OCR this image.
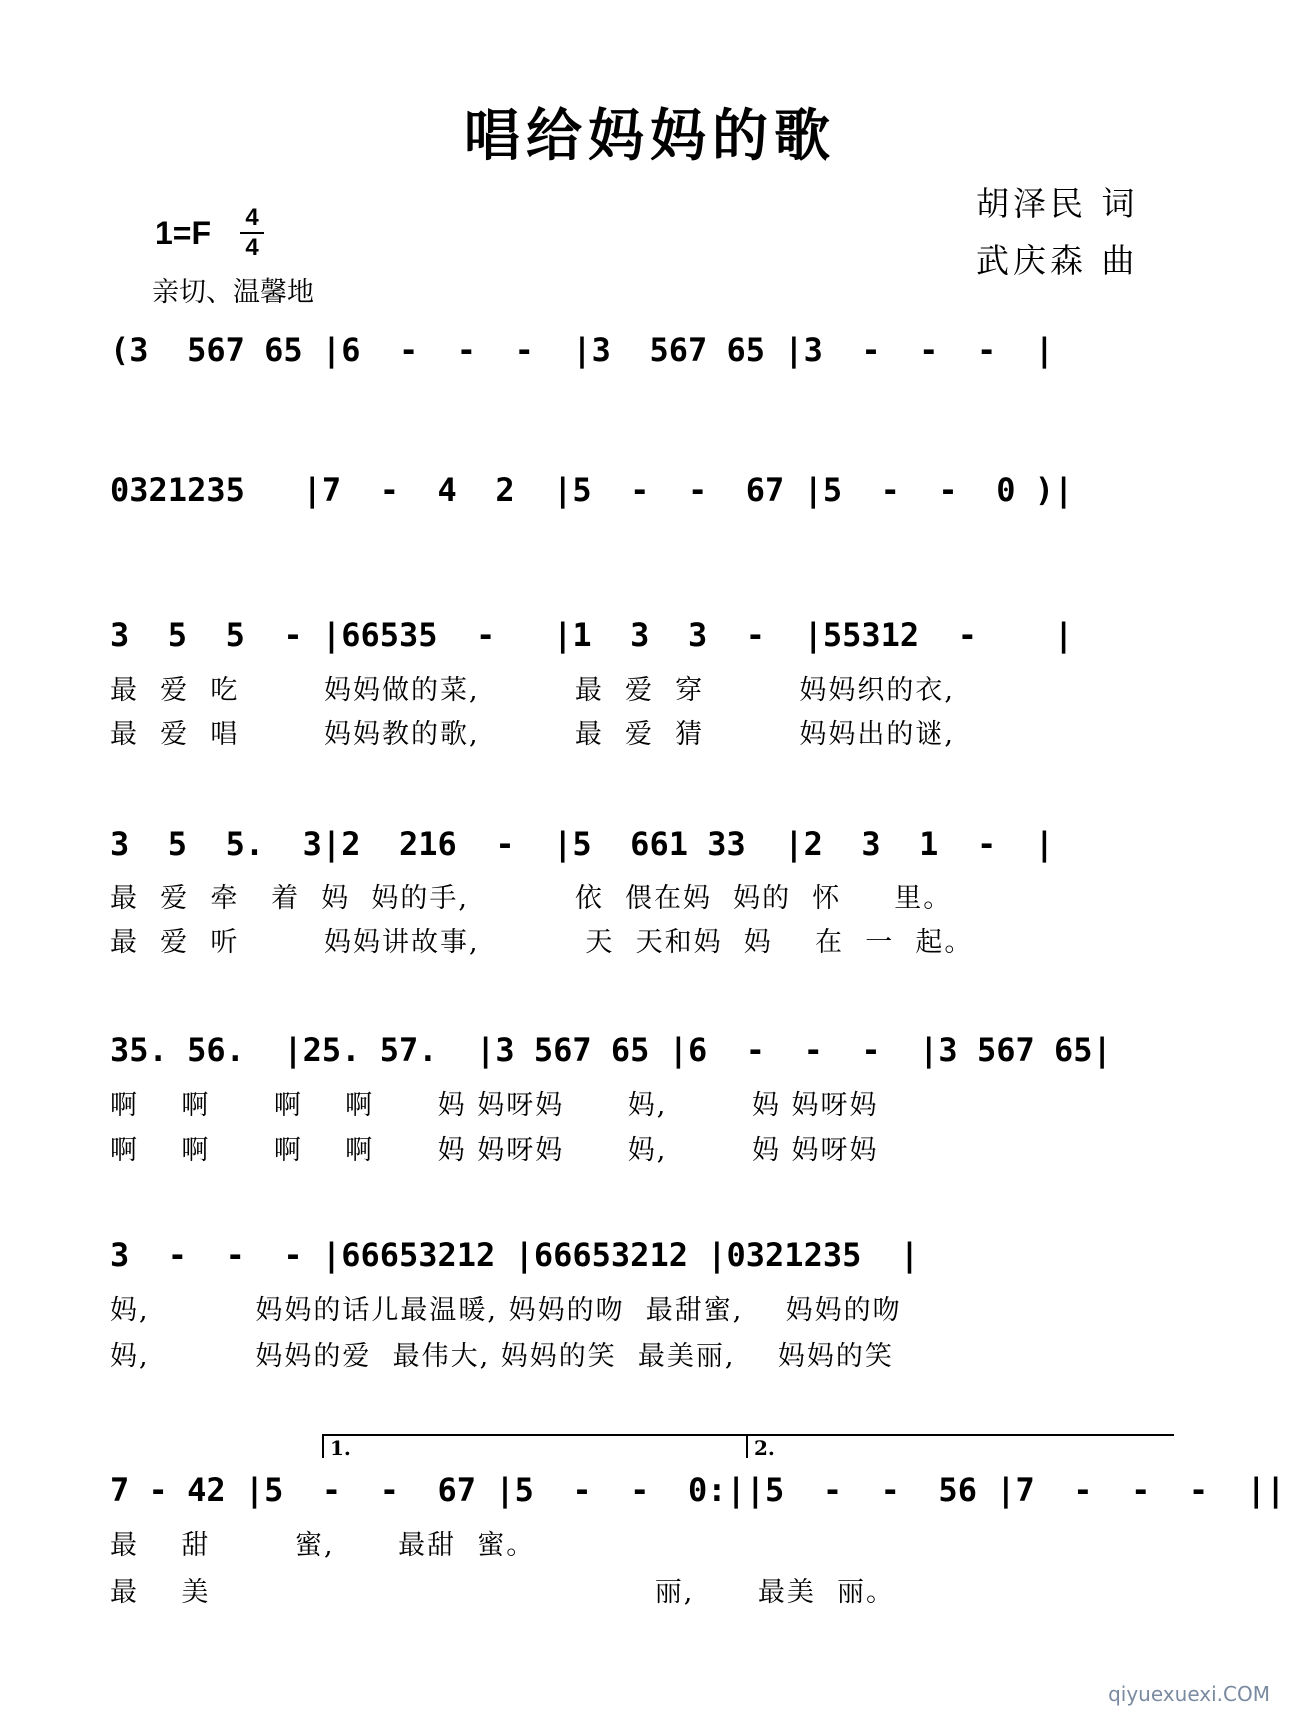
唱给妈妈的歌
1=F 4
4
亲切、温馨地
胡泽民 词
武庆森 曲
(3  567 65 |6  -  -  -  |3  567 65 |3  -  -  -  |
0321235   |7  -  4  2  |5  -  -  67 |5  -  -  0 )|
3  5  5  - |66535  -   |1  3  3  -  |55312  -    |
最  爱  吃        妈妈做的菜,         最  爱  穿         妈妈织的衣,
最  爱  唱        妈妈教的歌,         最  爱  猜         妈妈出的谜,
3  5  5.  3|2  216  -  |5  661 33  |2  3  1  -  |
最  爱  牵   着  妈  妈的手,          依  偎在妈  妈的  怀     里。
最  爱  听        妈妈讲故事,          天  天和妈  妈    在  一  起。
35. 56.  |25. 57.  |3 567 65 |6  -  -  -  |3 567 65|
啊    啊      啊    啊      妈 妈呀妈      妈,        妈 妈呀妈
啊    啊      啊    啊      妈 妈呀妈      妈,        妈 妈呀妈
3  -  -  - |66653212 |66653212 |0321235  |
妈,          妈妈的话儿最温暖, 妈妈的吻  最甜蜜,    妈妈的吻
妈,          妈妈的爱  最伟大, 妈妈的笑  最美丽,    妈妈的笑
1.	2.
7 - 42 |5  -  -  67 |5  -  -  0:||5  -  -  56 |7  -  -  -  ||
最    甜        蜜,      最甜  蜜。
最    美                                          丽,      最美  丽。
qiyuexuexi.COM
